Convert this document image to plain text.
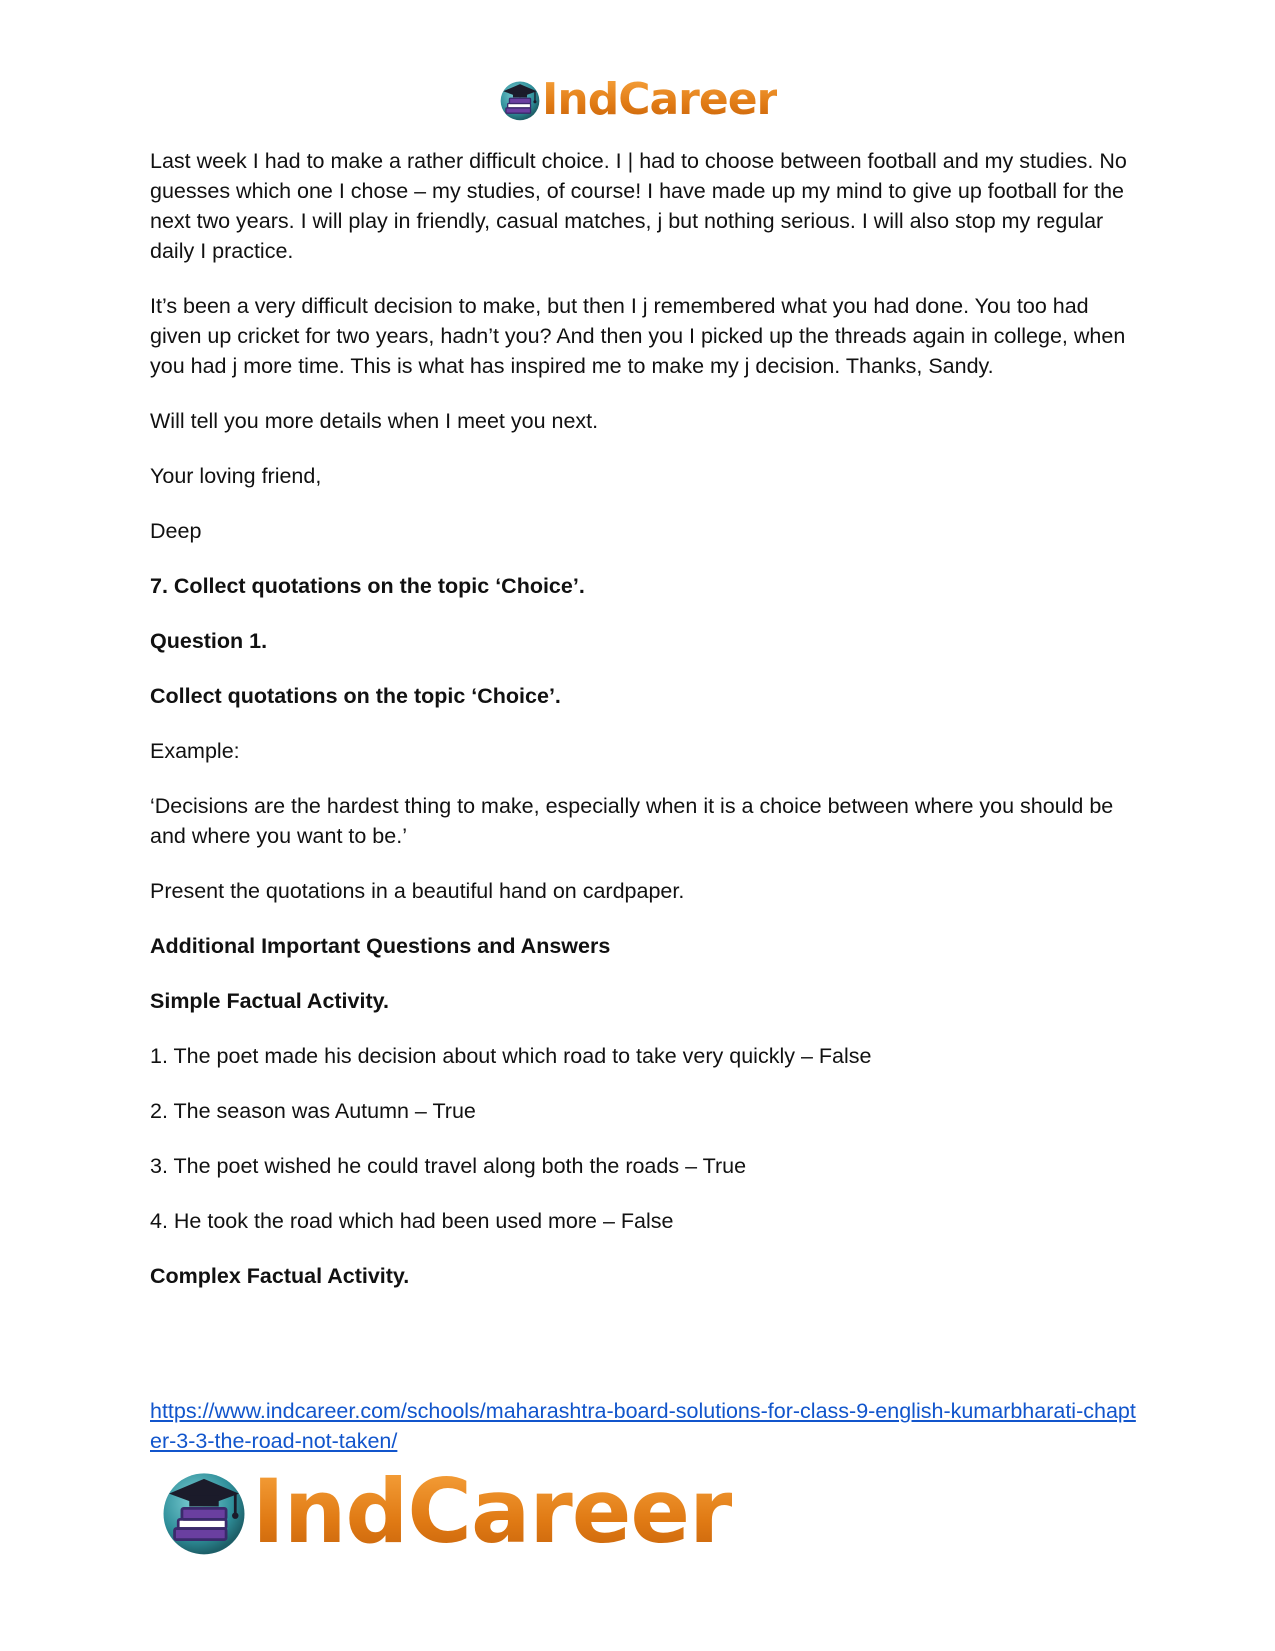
IndCareer

Last week I had to make a rather difficult choice. I | had to choose between football and my studies. No guesses which one I chose – my studies, of course! I have made up my mind to give up football for the next two years. I will play in friendly, casual matches, j but nothing serious. I will also stop my regular daily I practice.

It’s been a very difficult decision to make, but then I j remembered what you had done. You too had given up cricket for two years, hadn’t you? And then you I picked up the threads again in college, when you had j more time. This is what has inspired me to make my j decision. Thanks, Sandy.

Will tell you more details when I meet you next.

Your loving friend,

Deep

7. Collect quotations on the topic ‘Choice’.

Question 1.

Collect quotations on the topic ‘Choice’.

Example:

‘Decisions are the hardest thing to make, especially when it is a choice between where you should be and where you want to be.’

Present the quotations in a beautiful hand on cardpaper.

Additional Important Questions and Answers

Simple Factual Activity.

1. The poet made his decision about which road to take very quickly – False

2. The season was Autumn – True

3. The poet wished he could travel along both the roads – True

4. He took the road which had been used more – False

Complex Factual Activity.

https://www.indcareer.com/schools/maharashtra-board-solutions-for-class-9-english-kumarbharati-chapter-3-3-the-road-not-taken/
IndCareer
